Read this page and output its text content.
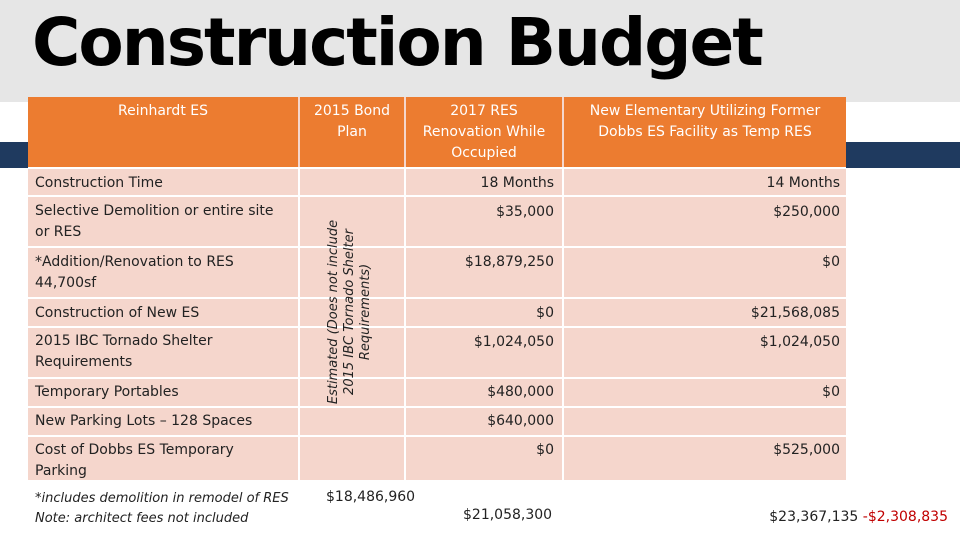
Construction Budget
Reinhardt ES	2015 Bond
Plan
2017 RES
Renovation While
Occupied
New Elementary Utilizing Former
Dobbs ES Facility as Temp RES
Estimated (Does not include 2015 IBC Tornado Shelter Requirements)
Construction Time
Selective Demolition or entire site or RES
*Addition/Renovation to RES 44,700sf
Construction of New ES
2015 IBC Tornado Shelter Requirements
Temporary Portables
New Parking Lots – 128 Spaces
Cost of Dobbs ES Temporary Parking
18 Months
$35,000
$18,879,250
$0
$1,024,050
$480,000
$640,000
$0
14 Months
$250,000
$0
$21,568,085
$1,024,050
$0
$525,000
*includes demolition in remodel of RES
Note: architect fees not included
$18,486,960
$21,058,300	$23,367,135 -$2,308,835
